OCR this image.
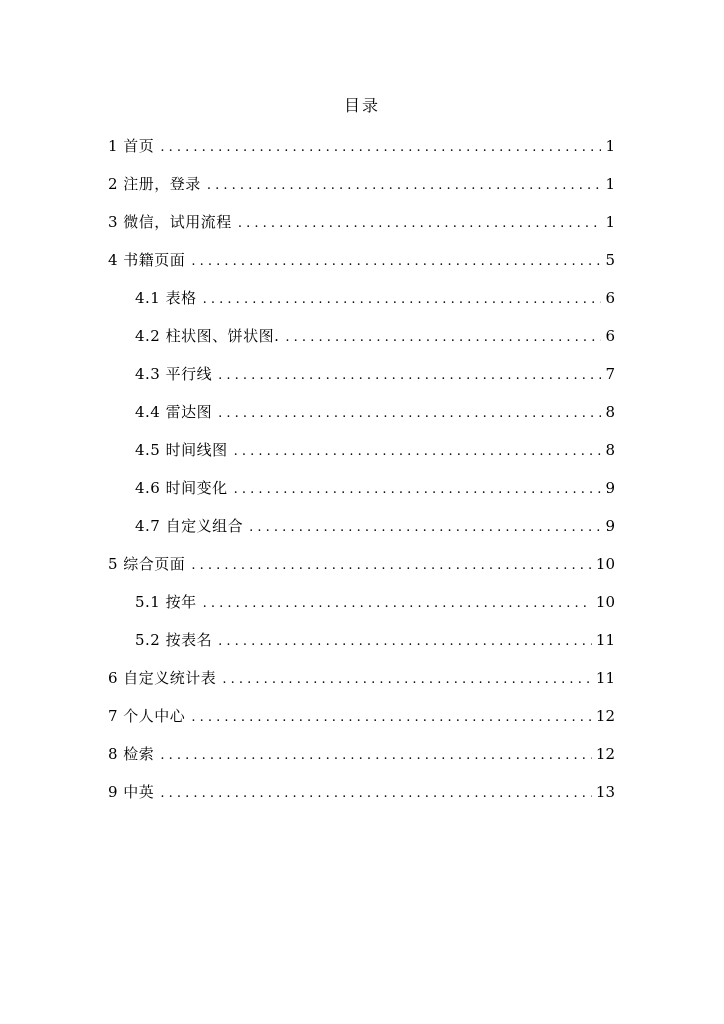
目录
1 首页 . . .	1
2 注册，登录 . . .	1
3 微信，试用流程 . . .	1
4 书籍页面 . . .	5
4.1 表格 . . .	6
4.2 柱状图、饼状图. . . .	6
4.3 平行线 . . .	7
4.4 雷达图 . . .	8
4.5 时间线图 . . .	8
4.6 时间变化 . . .	9
4.7 自定义组合 . . .	9
5 综合页面 . . .	10
5.1 按年 . . .	10
5.2 按表名 . . .	11
6 自定义统计表 . . .	11
7 个人中心 . . .	12
8 检索 . . .	12
9 中英 . . .	13
